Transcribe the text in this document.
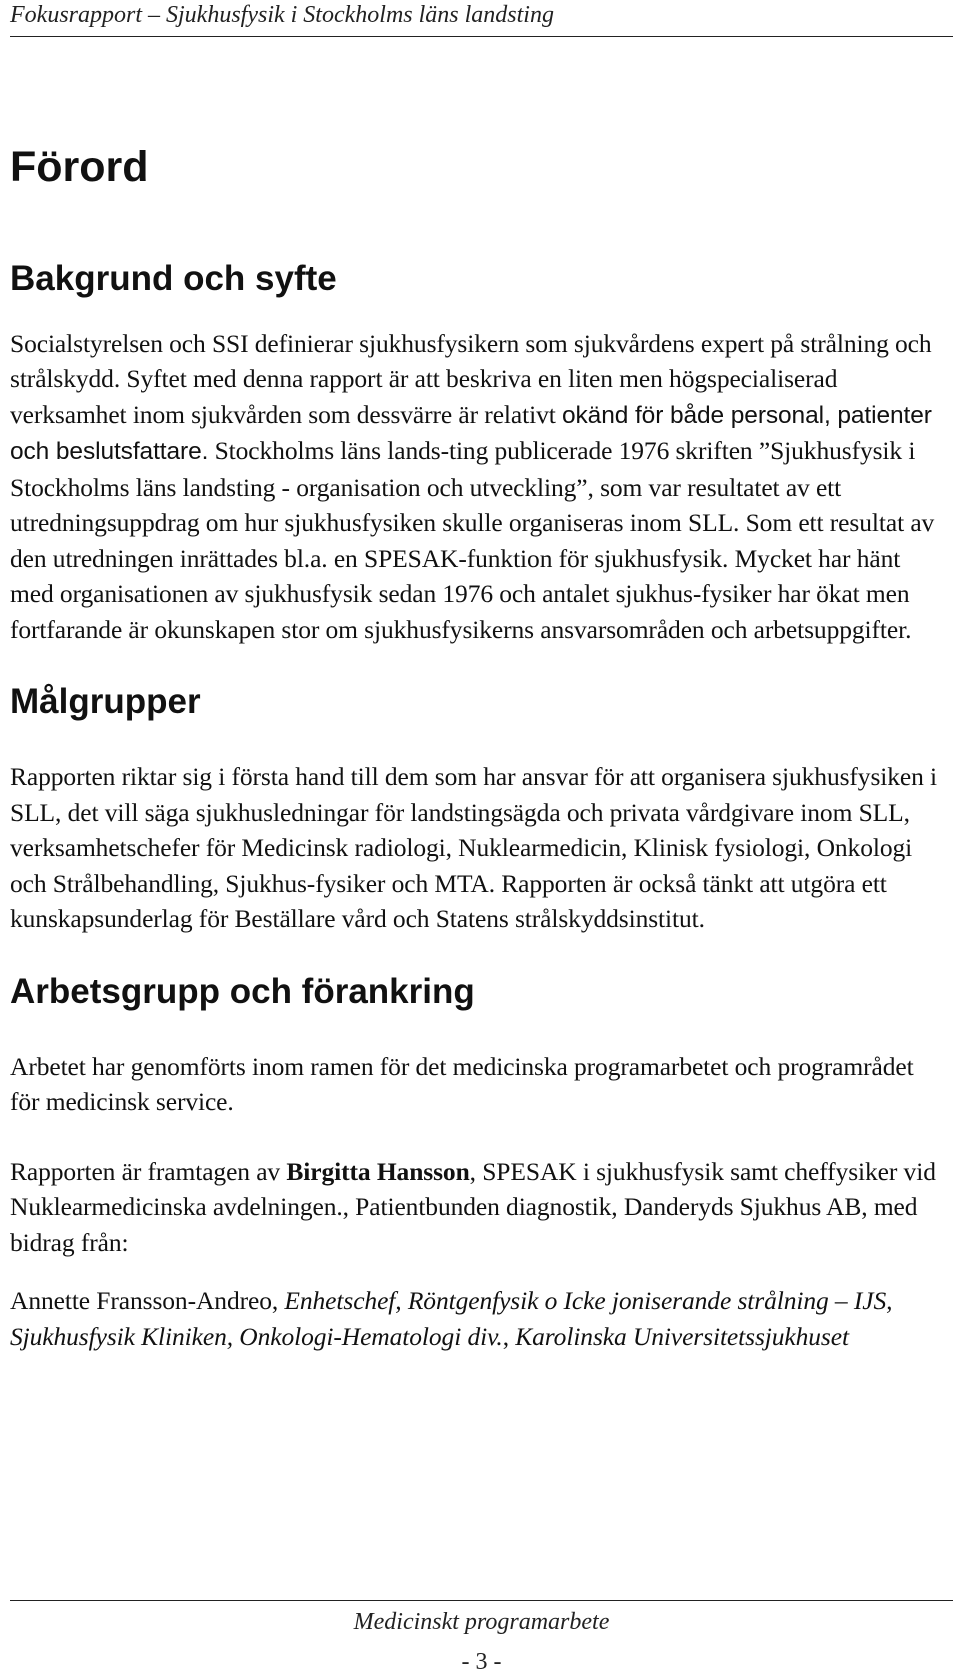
Fokusrapport – Sjukhusfysik i Stockholms läns landsting
Förord
Bakgrund och syfte

Socialstyrelsen och SSI definierar sjukhusfysikern som sjukvårdens expert på strålning och strålskydd. Syftet med denna rapport är att beskriva en liten men högspecialiserad verksamhet inom sjukvården som dessvärre är relativt okänd för både personal, patienter och beslutsfattare. Stockholms läns lands-ting publicerade 1976 skriften ”Sjukhusfysik i Stockholms läns landsting - organisation och utveckling”, som var resultatet av ett utredningsuppdrag om hur sjukhusfysiken skulle organiseras inom SLL. Som ett resultat av den utredningen inrättades bl.a. en SPESAK-funktion för sjukhusfysik. Mycket har hänt med organisationen av sjukhusfysik sedan 1976 och antalet sjukhus-fysiker har ökat men fortfarande är okunskapen stor om sjukhusfysikerns ansvarsområden och arbetsuppgifter.

Målgrupper

Rapporten riktar sig i första hand till dem som har ansvar för att organisera sjukhusfysiken i SLL, det vill säga sjukhusledningar för landstingsägda och privata vårdgivare inom SLL, verksamhetschefer för Medicinsk radiologi, Nuklearmedicin, Klinisk fysiologi, Onkologi och Strålbehandling, Sjukhus-fysiker och MTA. Rapporten är också tänkt att utgöra ett kunskapsunderlag för Beställare vård och Statens strålskyddsinstitut.

Arbetsgrupp och förankring

Arbetet har genomförts inom ramen för det medicinska programarbetet och programrådet för medicinsk service.

Rapporten är framtagen av Birgitta Hansson, SPESAK i sjukhusfysik samt cheffysiker vid Nuklearmedicinska avdelningen., Patientbunden diagnostik, Danderyds Sjukhus AB, med bidrag från:

Annette Fransson-Andreo, Enhetschef, Röntgenfysik o Icke joniserande strålning – IJS, Sjukhusfysik Kliniken, Onkologi-Hematologi div., Karolinska Universitetssjukhuset

Medicinskt programarbete
- 3 -
